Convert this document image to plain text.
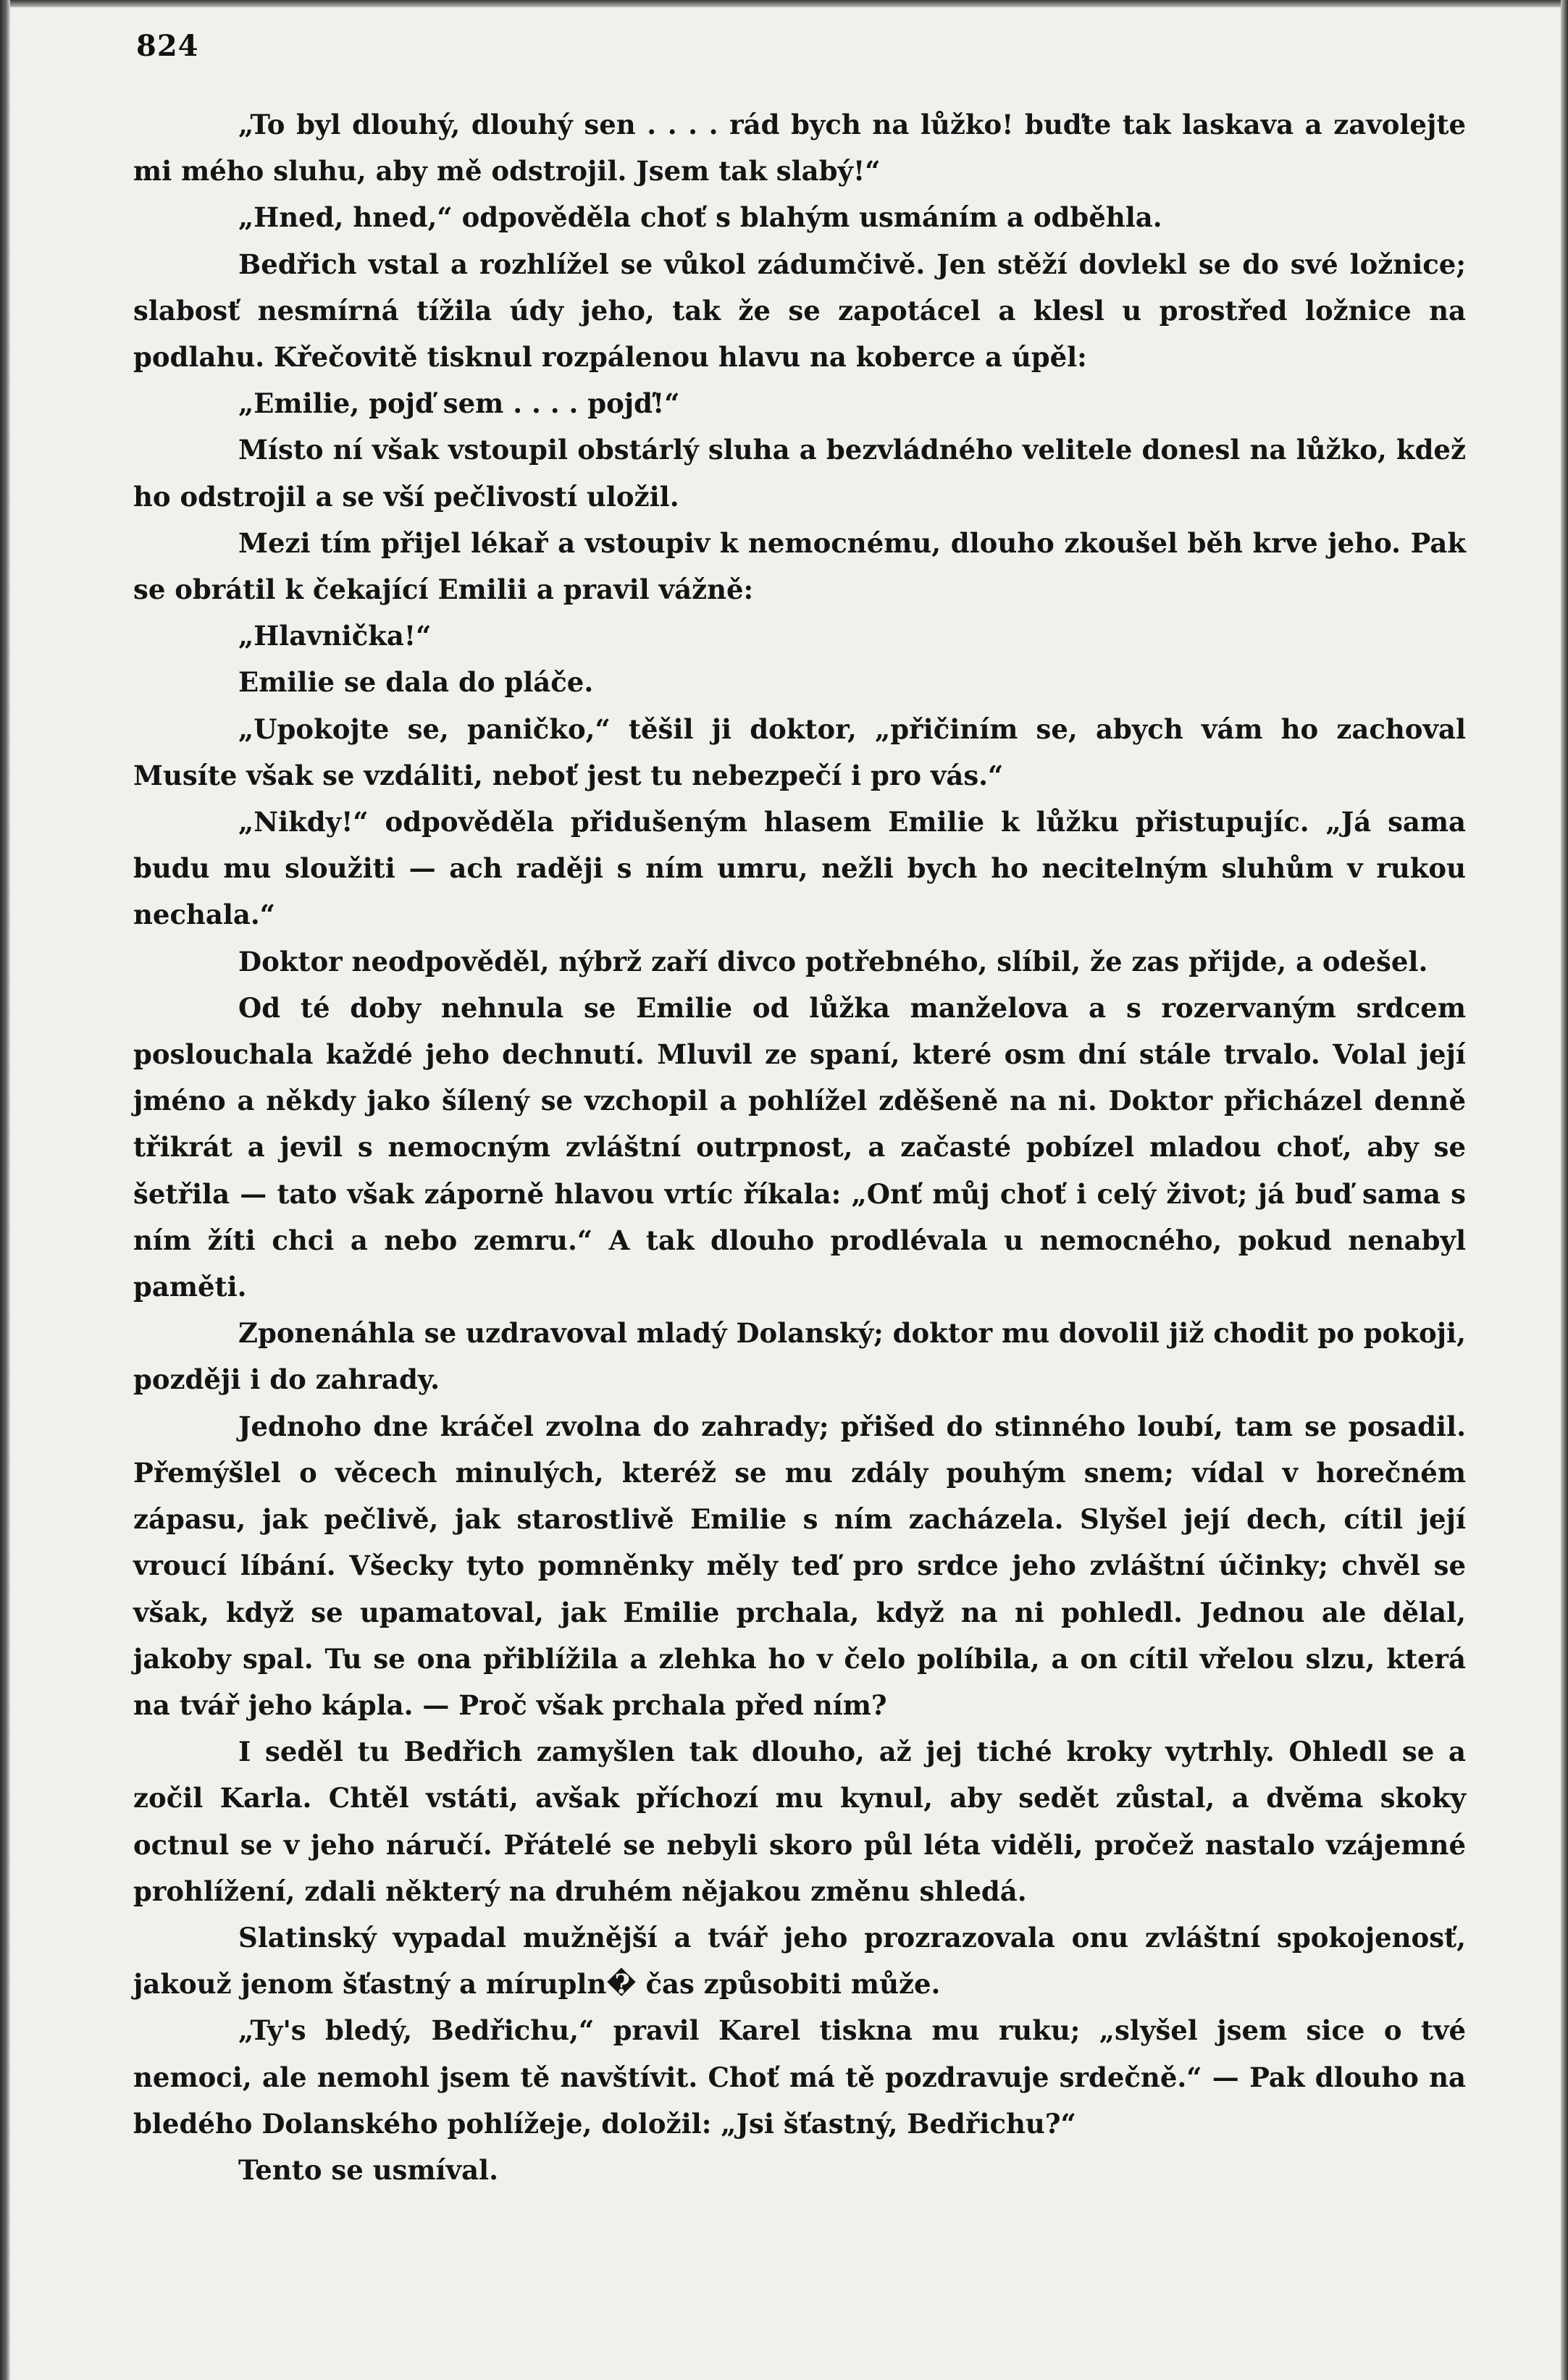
824

„To byl dlouhý, dlouhý sen . . . . rád bych na lůžko! buďte tak laskava a zavolejte mi mého sluhu, aby mě odstrojil. Jsem tak slabý!“

„Hned, hned,“ odpověděla choť s blahým usmáním a odběhla.

Bedřich vstal a rozhlížel se vůkol zádumčivě. Jen stěží dovlekl se do své ložnice; slabosť nesmírná tížila údy jeho, tak že se zapotácel a klesl u prostřed ložnice na podlahu. Křečovitě tisknul rozpálenou hlavu na koberce a úpěl:

„Emilie, pojď sem . . . . pojď!“

Místo ní však vstoupil obstárlý sluha a bezvládného velitele donesl na lůžko, kdež ho odstrojil a se vší pečlivostí uložil.

Mezi tím přijel lékař a vstoupiv k nemocnému, dlouho zkoušel běh krve jeho. Pak se obrátil k čekající Emilii a pravil vážně:

„Hlavnička!“

Emilie se dala do pláče.

„Upokojte se, paničko,“ těšil ji doktor, „přičiním se, abych vám ho zachoval Musíte však se vzdáliti, neboť jest tu nebezpečí i pro vás.“

„Nikdy!“ odpověděla přidušeným hlasem Emilie k lůžku přistupujíc. „Já sama budu mu sloužiti — ach raději s ním umru, nežli bych ho necitelným sluhům v rukou nechala.“

Doktor neodpověděl, nýbrž zaří divco potřebného, slíbil, že zas přijde, a odešel.

Od té doby nehnula se Emilie od lůžka manželova a s rozervaným srdcem poslouchala každé jeho dechnutí. Mluvil ze spaní, které osm dní stále trvalo. Volal její jméno a někdy jako šílený se vzchopil a pohlížel zděšeně na ni. Doktor přicházel denně třikrát a jevil s nemocným zvláštní outrpnost, a začasté pobízel mladou choť, aby se šetřila — tato však záporně hlavou vrtíc říkala: „Onť můj choť i celý život; já buď sama s ním žíti chci a nebo zemru.“ A tak dlouho prodlévala u nemocného, pokud nenabyl paměti.

Zponenáhla se uzdravoval mladý Dolanský; doktor mu dovolil již chodit po pokoji, později i do zahrady.

Jednoho dne kráčel zvolna do zahrady; přišed do stinného loubí, tam se posadil. Přemýšlel o věcech minulých, kteréž se mu zdály pouhým snem; vídal v horečném zápasu, jak pečlivě, jak starostlivě Emilie s ním zacházela. Slyšel její dech, cítil její vroucí líbání. Všecky tyto pomněnky měly teď pro srdce jeho zvláštní účinky; chvěl se však, když se upamatoval, jak Emilie prchala, když na ni pohledl. Jednou ale dělal, jakoby spal. Tu se ona přiblížila a zlehka ho v čelo políbila, a on cítil vřelou slzu, která na tvář jeho kápla. — Proč však prchala před ním?

I seděl tu Bedřich zamyšlen tak dlouho, až jej tiché kroky vytrhly. Ohledl se a zočil Karla. Chtěl vstáti, avšak příchozí mu kynul, aby sedět zůstal, a dvěma skoky octnul se v jeho náručí. Přátelé se nebyli skoro půl léta viděli, pročež nastalo vzájemné prohlížení, zdali některý na druhém nějakou změnu shledá.

Slatinský vypadal mužnější a tvář jeho prozrazovala onu zvláštní spokojenosť, jakouž jenom šťastný a mírupln� čas způsobiti může.

„Ty's bledý, Bedřichu,“ pravil Karel tiskna mu ruku; „slyšel jsem sice o tvé nemoci, ale nemohl jsem tě navštívit. Choť má tě pozdravuje srdečně.“ — Pak dlouho na bledého Dolanského pohlížeje, doložil: „Jsi šťastný, Bedřichu?“

Tento se usmíval.
